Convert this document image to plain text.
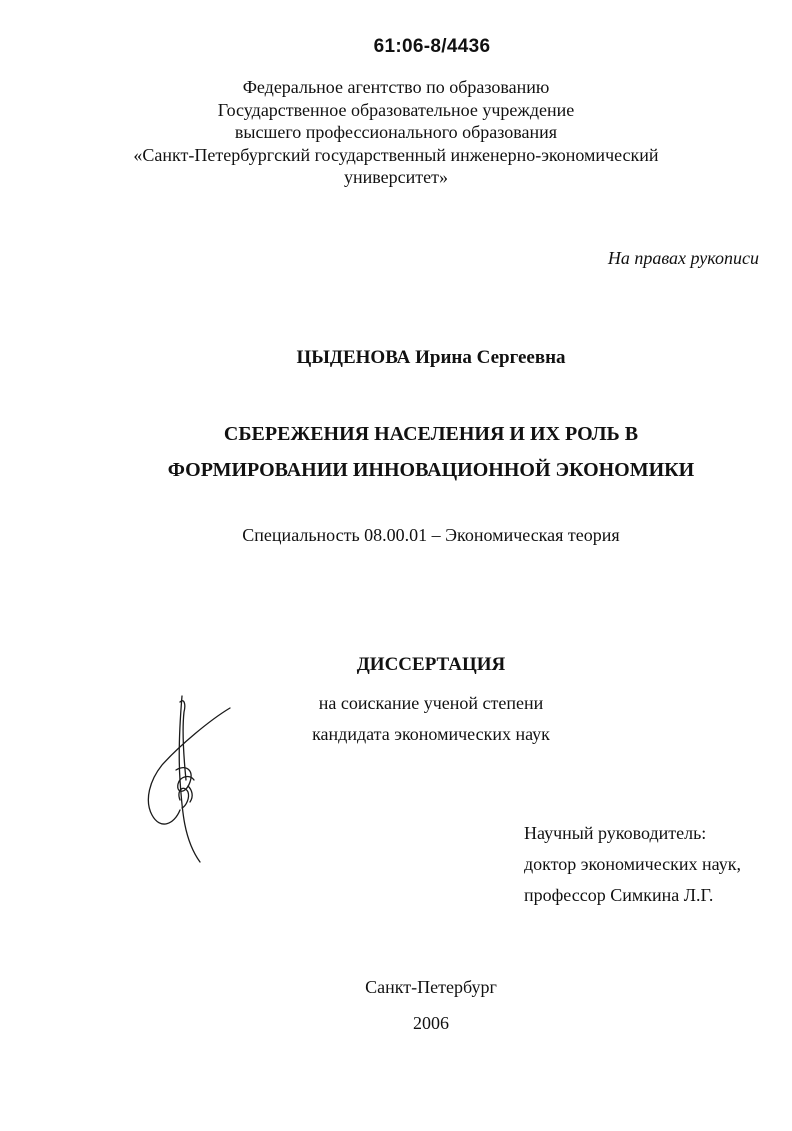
61:06-8/4436
Федеральное агентство по образованию
Государственное образовательное учреждение
высшего профессионального образования
«Санкт-Петербургский государственный инженерно-экономический
университет»
На правах рукописи
ЦЫДЕНОВА Ирина Сергеевна
СБЕРЕЖЕНИЯ НАСЕЛЕНИЯ И ИХ РОЛЬ В
ФОРМИРОВАНИИ ИННОВАЦИОННОЙ ЭКОНОМИКИ
Специальность 08.00.01 – Экономическая теория
ДИССЕРТАЦИЯ
на соискание ученой степени
кандидата экономических наук
Научный руководитель:
доктор экономических наук,
профессор Симкина Л.Г.
Санкт-Петербург
2006
